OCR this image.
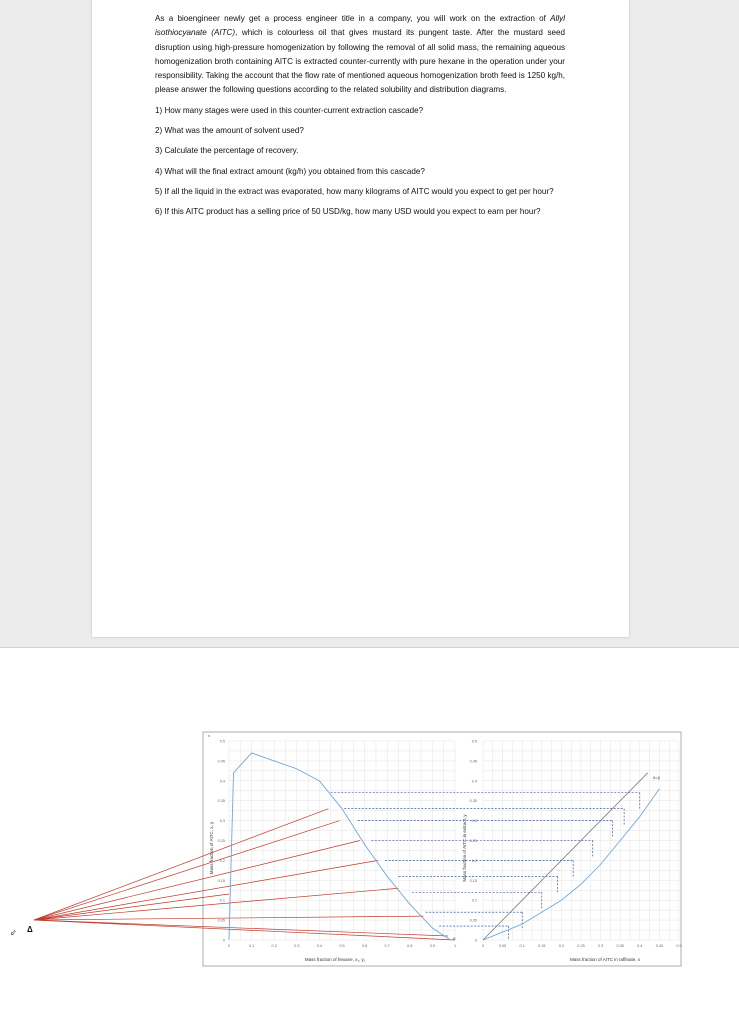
As a bioengineer newly get a process engineer title in a company, you will work on the extraction of Allyl isothiocyanate (AITC), which is colourless oil that gives mustard its pungent taste. After the mustard seed disruption using high-pressure homogenization by following the removal of all solid mass, the remaining aqueous homogenization broth containing AITC is extracted counter-currently with pure hexane in the operation under your responsibility. Taking the account that the flow rate of mentioned aqueous homogenization broth feed is 1250 kg/h, please answer the following questions according to the related solubility and distribution diagrams.

1) How many stages were used in this counter-current extraction cascade?

2) What was the amount of solvent used?

3) Calculate the percentage of recovery.

4) What will the final extract amount (kg/h) you obtained from this cascade?

5) If all the liquid in the extract was evaporated, how many kilograms of AITC would you expect to get per hour?

6) If this AITC product has a selling price of 50 USD/kg, how many USD would you expect to earn per hour?

0.5
0.45
0.4
0.35
0.3
0.25
0.2
0.15
0.1
0.05
0
0	0.1	0.2	0.3	0.4	0.5	0.6	0.7	0.8	0.9	1
0.5
0.45
0.4
0.35
0.3
0.25
0.2
0.15
0.1
0.05
0
0	0.05	0.1	0.15	0.2	0.25	0.3	0.35	0.4	0.45	0.5
⇙ Δ
Mass fraction of AITC, x, y
Mass fraction of hexane, x₁, y₁
x
B
Mass fraction of AITC in extract, y
Mass fraction of AITC in raffinate, x
x=y
